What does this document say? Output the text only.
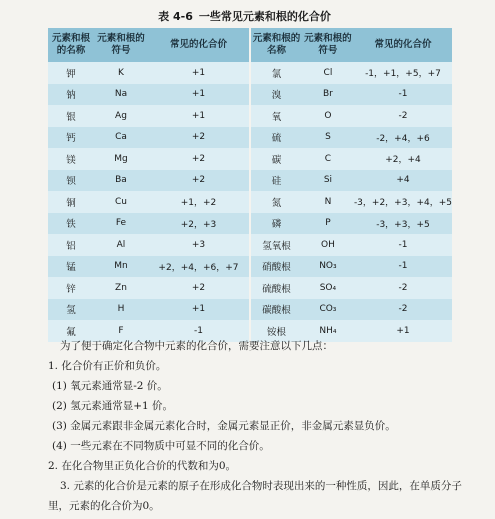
表 4-6 一些常见元素和根的化合价
元素和根的名称	元素和根的符号	常见的化合价	元素和根的名称	元素和根的符号	常见的化合价
钾	K	+1	氯	Cl	-1，+1，+5，+7
钠	Na	+1	溴	Br	-1
银	Ag	+1	氧	O	-2
钙	Ca	+2	硫	S	-2，+4，+6
镁	Mg	+2	碳	C	+2，+4
钡	Ba	+2	硅	Si	+4
铜	Cu	+1，+2	氮	N	-3，+2，+3，+4，+5
铁	Fe	+2，+3	磷	P	-3，+3，+5
铝	Al	+3	氢氧根	OH	-1
锰	Mn	+2，+4，+6，+7	硝酸根	NO₃	-1
锌	Zn	+2	硫酸根	SO₄	-2
氢	H	+1	碳酸根	CO₃	-2
氟	F	-1	铵根	NH₄	+1

为了便于确定化合物中元素的化合价，需要注意以下几点：

1. 化合价有正价和负价。

(1) 氧元素通常显-2 价。

(2) 氢元素通常显+1 价。

(3) 金属元素跟非金属元素化合时，金属元素显正价，非金属元素显负价。

(4) 一些元素在不同物质中可显不同的化合价。

2. 在化合物里正负化合价的代数和为0。

3. 元素的化合价是元素的原子在形成化合物时表现出来的一种性质，因此，在单质分子里，元素的化合价为0。
